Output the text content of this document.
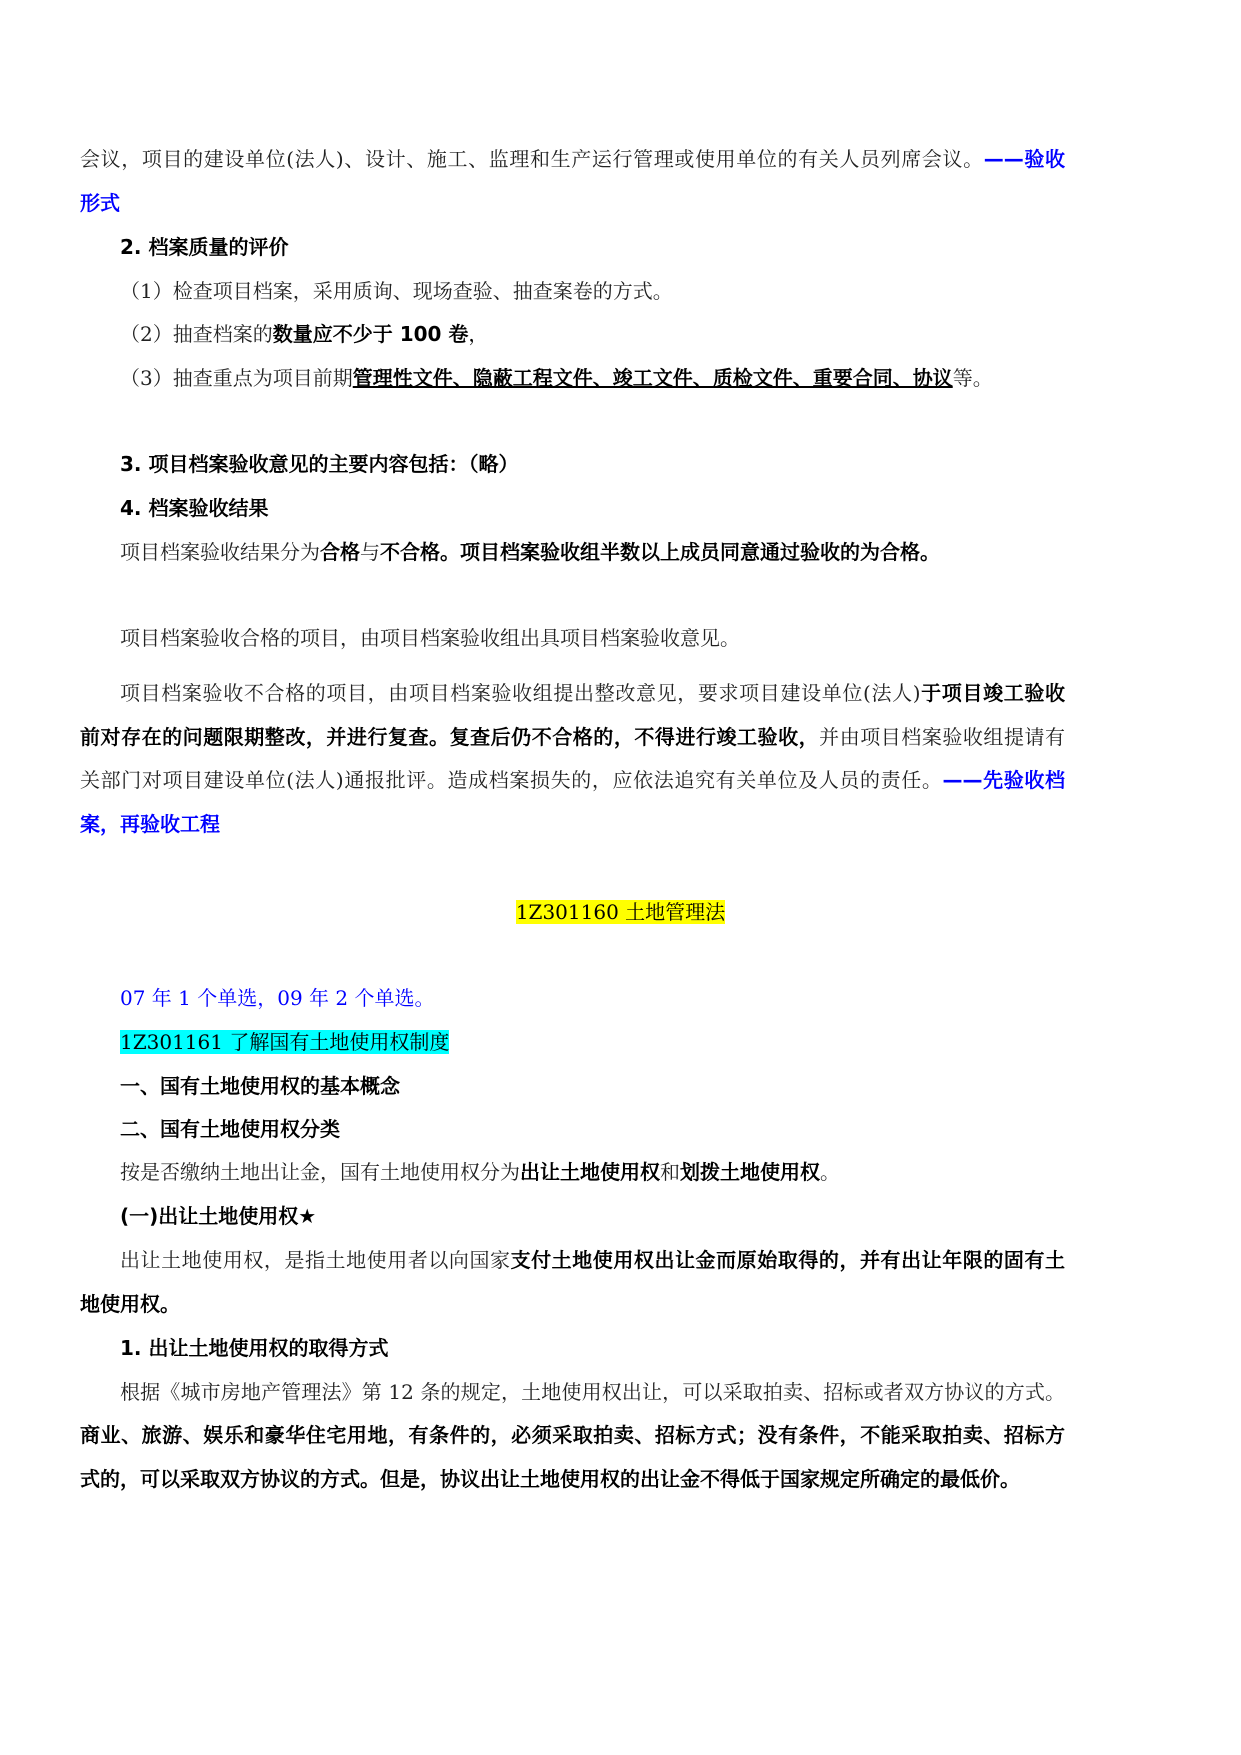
会议，项目的建设单位(法人)、设计、施工、监理和生产运行管理或使用单位的有关人员列席会议。——验收

形式

2. 档案质量的评价

（1）检查项目档案，采用质询、现场查验、抽查案卷的方式。

（2）抽查档案的数量应不少于 100 卷，

（3）抽查重点为项目前期管理性文件、隐蔽工程文件、竣工文件、质检文件、重要合同、协议等。

3. 项目档案验收意见的主要内容包括：（略）

4. 档案验收结果

项目档案验收结果分为合格与不合格。项目档案验收组半数以上成员同意通过验收的为合格。

项目档案验收合格的项目，由项目档案验收组出具项目档案验收意见。

项目档案验收不合格的项目，由项目档案验收组提出整改意见，要求项目建设单位(法人)于项目竣工验收

前对存在的问题限期整改，并进行复查。复查后仍不合格的，不得进行竣工验收，并由项目档案验收组提请有

关部门对项目建设单位(法人)通报批评。造成档案损失的，应依法追究有关单位及人员的责任。——先验收档

案，再验收工程

1Z301160 土地管理法

07 年 1 个单选，09 年 2 个单选。

1Z301161 了解国有土地使用权制度

一、国有土地使用权的基本概念

二、国有土地使用权分类

按是否缴纳土地出让金，国有土地使用权分为出让土地使用权和划拨土地使用权。

(一)出让土地使用权★

出让土地使用权，是指土地使用者以向国家支付土地使用权出让金而原始取得的，并有出让年限的固有土

地使用权。

1. 出让土地使用权的取得方式

根据《城市房地产管理法》第 12 条的规定，土地使用权出让，可以采取拍卖、招标或者双方协议的方式。

商业、旅游、娱乐和豪华住宅用地，有条件的，必须采取拍卖、招标方式；没有条件，不能采取拍卖、招标方

式的，可以采取双方协议的方式。但是，协议出让土地使用权的出让金不得低于国家规定所确定的最低价。
